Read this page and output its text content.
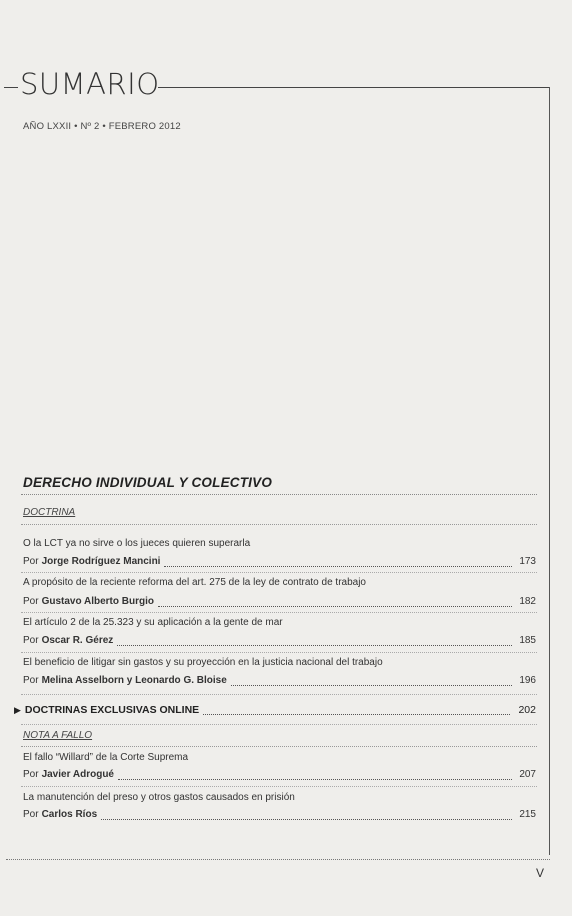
SUMARIO
AÑO LXXII • Nº 2 • FEBRERO 2012
DERECHO INDIVIDUAL Y COLECTIVO
DOCTRINA
O la LCT ya no sirve o los jueces quieren superarla
Por Jorge Rodríguez Mancini	173
A propósito de la reciente reforma del art. 275 de la ley de contrato de trabajo
Por Gustavo Alberto Burgio	182
El artículo 2 de la 25.323 y su aplicación a la gente de mar
Por Oscar R. Gérez	185
El beneficio de litigar sin gastos y su proyección en la justicia nacional del trabajo
Por Melina Asselborn y Leonardo G. Bloise	196
▶ DOCTRINAS EXCLUSIVAS ONLINE	202
NOTA A FALLO
El fallo “Willard” de la Corte Suprema
Por Javier Adrogué	207
La manutención del preso y otros gastos causados en prisión
Por Carlos Ríos	215
V
